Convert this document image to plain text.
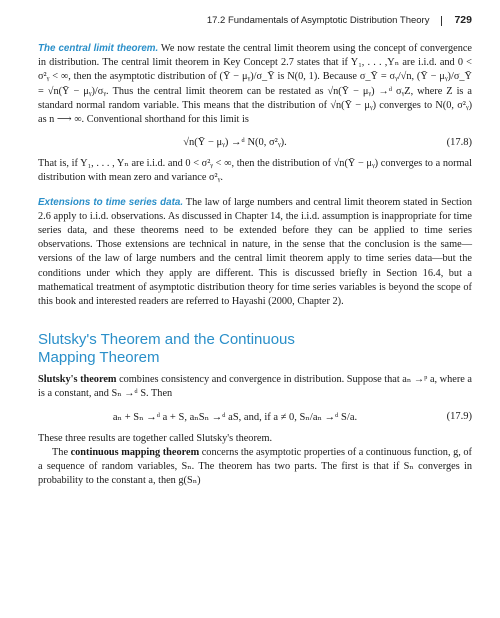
17.2 Fundamentals of Asymptotic Distribution Theory 729

The central limit theorem. We now restate the central limit theorem using the concept of convergence in distribution. The central limit theorem in Key Concept 2.7 states that if Y₁, . . . ,Yₙ are i.i.d. and 0 < σ²ᵧ < ∞, then the asymptotic distribution of (Ȳ − μᵧ)/σ_Ȳ is N(0, 1). Because σ_Ȳ = σᵧ/√n, (Ȳ − μᵧ)/σ_Ȳ = √n(Ȳ − μᵧ)/σᵧ. Thus the central limit theorem can be restated as √n(Ȳ − μᵧ) →ᵈ σᵧZ, where Z is a standard normal random variable. This means that the distribution of √n(Ȳ − μᵧ) converges to N(0, σ²ᵧ) as n ⟶ ∞. Conventional shorthand for this limit is

√n(Ȳ − μᵧ) →ᵈ N(0, σ²ᵧ).	(17.8)

That is, if Y₁, . . . , Yₙ are i.i.d. and 0 < σ²ᵧ < ∞, then the distribution of √n(Ȳ − μᵧ) converges to a normal distribution with mean zero and variance σ²ᵧ.

Extensions to time series data. The law of large numbers and central limit theorem stated in Section 2.6 apply to i.i.d. observations. As discussed in Chapter 14, the i.i.d. assumption is inappropriate for time series data, and these theorems need to be extended before they can be applied to time series observations. Those extensions are technical in nature, in the sense that the conclusion is the same—versions of the law of large numbers and the central limit theorem apply to time series data—but the conditions under which they apply are different. This is discussed briefly in Section 16.4, but a mathematical treatment of asymptotic distribution theory for time series variables is beyond the scope of this book and interested readers are referred to Hayashi (2000, Chapter 2).

Slutsky's Theorem and the Continuous
Mapping Theorem

Slutsky's theorem combines consistency and convergence in distribution. Suppose that aₙ →ᵖ a, where a is a constant, and Sₙ →ᵈ S. Then

aₙ + Sₙ →ᵈ a + S, aₙSₙ →ᵈ aS, and, if a ≠ 0, Sₙ/aₙ →ᵈ S/a.	(17.9)

These three results are together called Slutsky's theorem.

The continuous mapping theorem concerns the asymptotic properties of a continuous function, g, of a sequence of random variables, Sₙ. The theorem has two parts. The first is that if Sₙ converges in probability to the constant a, then g(Sₙ)
